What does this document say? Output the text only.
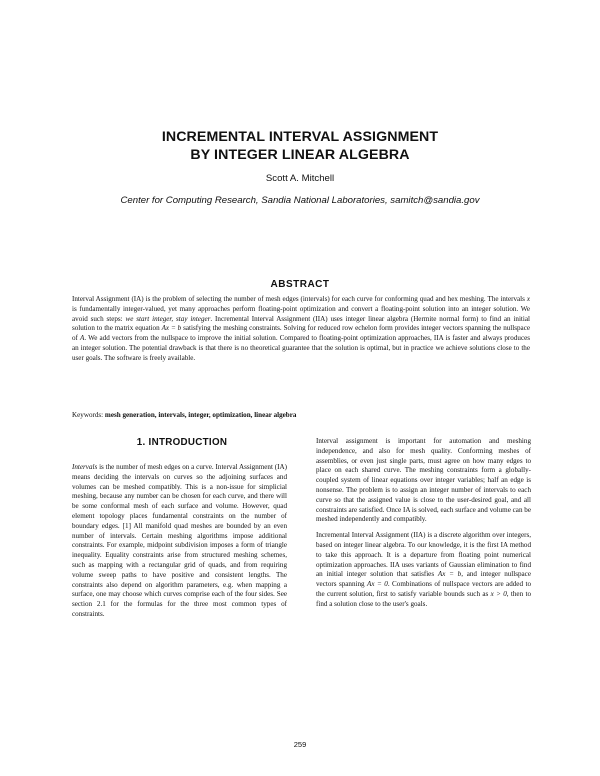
INCREMENTAL INTERVAL ASSIGNMENT
BY INTEGER LINEAR ALGEBRA
Scott A. Mitchell
Center for Computing Research, Sandia National Laboratories, samitch@sandia.gov
ABSTRACT

Interval Assignment (IA) is the problem of selecting the number of mesh edges (intervals) for each curve for conforming quad and hex meshing. The intervals x is fundamentally integer-valued, yet many approaches perform floating-point optimization and convert a floating-point solution into an integer solution. We avoid such steps: we start integer, stay integer. Incremental Interval Assignment (IIA) uses integer linear algebra (Hermite normal form) to find an initial solution to the matrix equation Ax = b satisfying the meshing constraints. Solving for reduced row echelon form provides integer vectors spanning the nullspace of A. We add vectors from the nullspace to improve the initial solution. Compared to floating-point optimization approaches, IIA is faster and always produces an integer solution. The potential drawback is that there is no theoretical guarantee that the solution is optimal, but in practice we achieve solutions close to the user goals. The software is freely available.

Keywords: mesh generation, intervals, integer, optimization, linear algebra

1. INTRODUCTION

Intervals is the number of mesh edges on a curve. Interval Assignment (IA) means deciding the intervals on curves so the adjoining surfaces and volumes can be meshed compatibly. This is a non-issue for simplicial meshing, because any number can be chosen for each curve, and there will be some conformal mesh of each surface and volume. However, quad element topology places fundamental constraints on the number of boundary edges. [1] All manifold quad meshes are bounded by an even number of intervals. Certain meshing algorithms impose additional constraints. For example, midpoint subdivision imposes a form of triangle inequality. Equality constraints arise from structured meshing schemes, such as mapping with a rectangular grid of quads, and from requiring volume sweep paths to have positive and consistent lengths. The constraints also depend on algorithm parameters, e.g. when mapping a surface, one may choose which curves comprise each of the four sides. See section 2.1 for the formulas for the three most common types of constraints.

Interval assignment is important for automation and meshing independence, and also for mesh quality. Conforming meshes of assemblies, or even just single parts, must agree on how many edges to place on each shared curve. The meshing constraints form a globally-coupled system of linear equations over integer variables; half an edge is nonsense. The problem is to assign an integer number of intervals to each curve so that the assigned value is close to the user-desired goal, and all constraints are satisfied. Once IA is solved, each surface and volume can be meshed independently and compatibly.

Incremental Interval Assignment (IIA) is a discrete algorithm over integers, based on integer linear algebra. To our knowledge, it is the first IA method to take this approach. It is a departure from floating point numerical optimization approaches. IIA uses variants of Gaussian elimination to find an initial integer solution that satisfies Ax = b, and integer nullspace vectors spanning Ax = 0. Combinations of nullspace vectors are added to the current solution, first to satisfy variable bounds such as x > 0, then to find a solution close to the user's goals.

259
